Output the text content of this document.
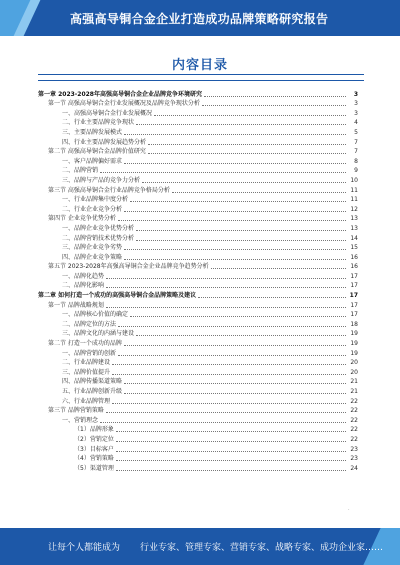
高强高导铜合金企业打造成功品牌策略研究报告
内容目录
第一章 2023-2028年高强高导铜合金企业品牌竞争环境研究	3
第一节 高强高导铜合金行业发展概况及品牌竞争现状分析	3
一、高强高导铜合金行业发展概况	3
二、行业主要品牌竞争现状	4
三、主要品牌发展模式	5
四、行业主要品牌发展趋势分析	7
第二节 高强高导铜合金品牌价值研究	7
一、客户品牌偏好需求	8
二、品牌营销	9
三、品牌与产品的竞争力分析	10
第三节 高强高导铜合金行业品牌竞争格局分析	11
一、行业品牌集中度分析	11
二、行业企业竞争分析	12
第四节 企业竞争优势分析	13
一、品牌企业竞争优势分析	13
二、品牌营销技术优势分析	14
三、品牌企业竞争劣势	15
四、品牌企业竞争策略	16
第五节 2023-2028年高强高导铜合金企业品牌竞争趋势分析	16
一、品牌化趋势	17
二、品牌化影响	17
第二章 如何打造一个成功的高强高导铜合金品牌策略及建议	17
第一节 品牌战略规划	17
一、品牌核心价值的确定	17
二、品牌定位的方法	18
三、品牌文化的内涵与建设	19
第二节 打造一个成功的品牌	19
一、品牌营销的创新	19
二、行业品牌建设	20
三、品牌价值提升	20
四、品牌传播渠道策略	21
五、行业品牌创新升级	21
六、行业品牌管理	22
第三节 品牌营销策略	22
一、营销理念	22
（1）品牌形象	22
（2）营销定位	22
（3）目标客户	23
（4）营销策略	23
（5）渠道管理	24
·
让每个人都能成为 行业专家、管理专家、营销专家、战略专家、成功企业家……
